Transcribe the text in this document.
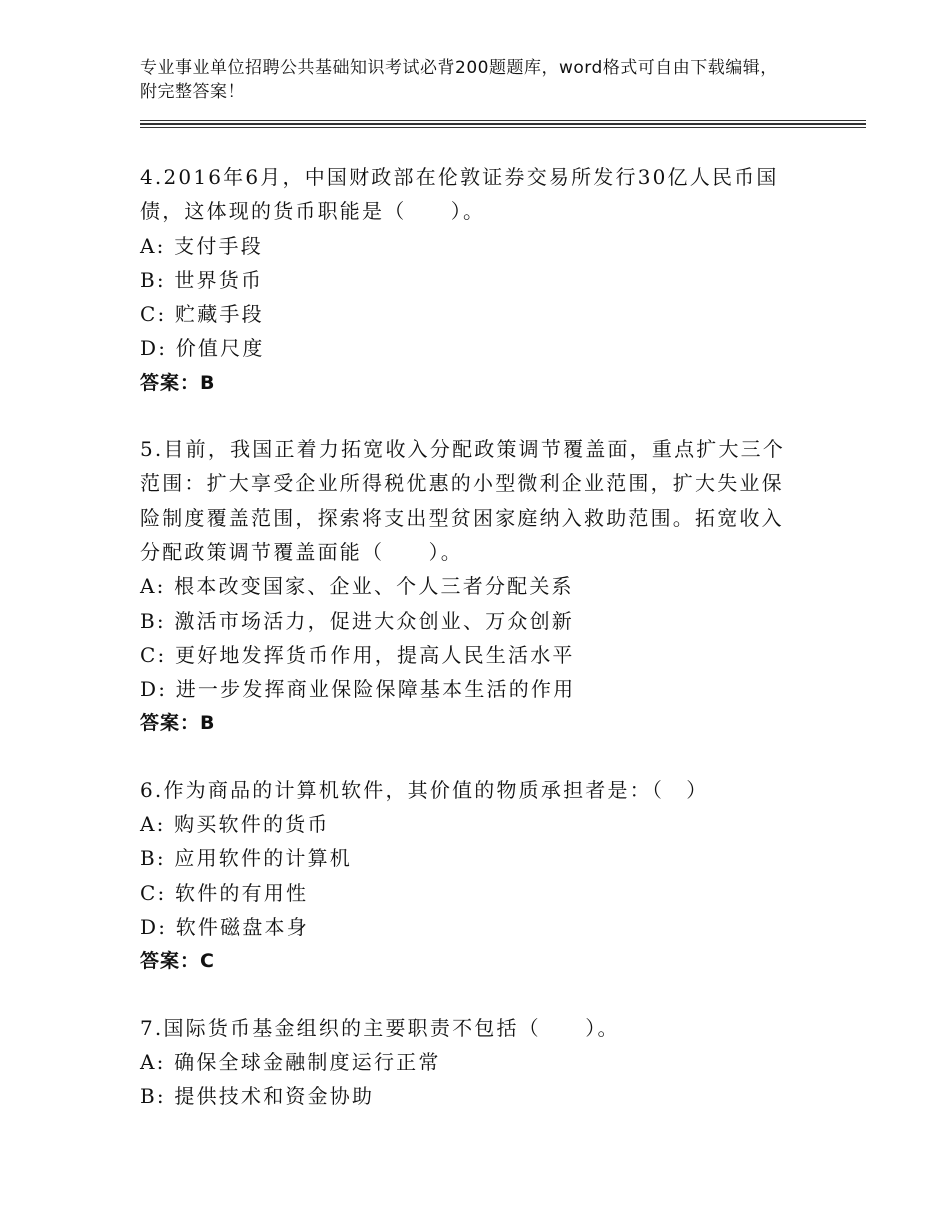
专业事业单位招聘公共基础知识考试必背200题题库，word格式可自由下载编辑，附完整答案！

4.2016年6月，中国财政部在伦敦证券交易所发行30亿人民币国债，这体现的货币职能是（　　）。

A: 支付手段

B: 世界货币

C: 贮藏手段

D: 价值尺度

答案：B

5.目前，我国正着力拓宽收入分配政策调节覆盖面，重点扩大三个范围：扩大享受企业所得税优惠的小型微利企业范围，扩大失业保险制度覆盖范围，探索将支出型贫困家庭纳入救助范围。拓宽收入分配政策调节覆盖面能（　　）。

A: 根本改变国家、企业、个人三者分配关系

B: 激活市场活力，促进大众创业、万众创新

C: 更好地发挥货币作用，提高人民生活水平

D: 进一步发挥商业保险保障基本生活的作用

答案：B

6.作为商品的计算机软件，其价值的物质承担者是：（　）

A: 购买软件的货币

B: 应用软件的计算机

C: 软件的有用性

D: 软件磁盘本身

答案：C

7.国际货币基金组织的主要职责不包括（　　）。

A: 确保全球金融制度运行正常

B: 提供技术和资金协助
